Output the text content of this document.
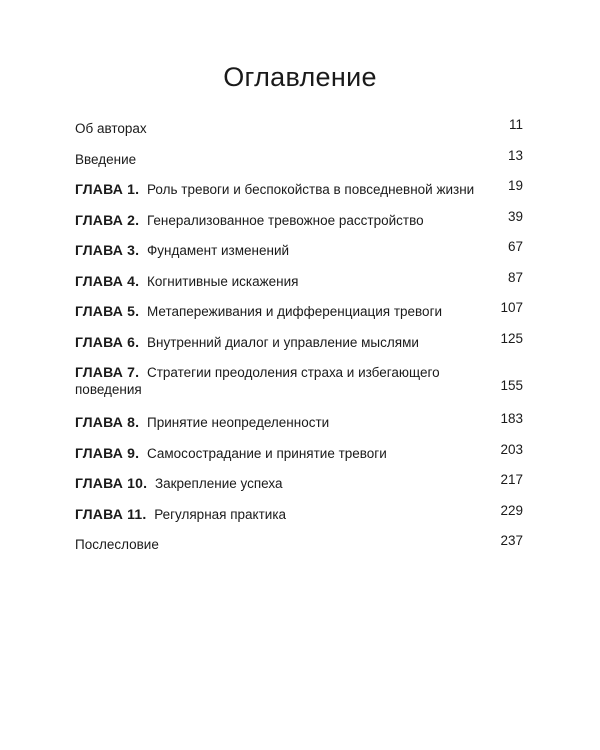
Оглавление
Об авторах	11
Введение	13
ГЛАВА 1. Роль тревоги и беспокойства в повседневной жизни	19
ГЛАВА 2. Генерализованное тревожное расстройство	39
ГЛАВА 3. Фундамент изменений	67
ГЛАВА 4. Когнитивные искажения	87
ГЛАВА 5. Метапереживания и дифференциация тревоги	107
ГЛАВА 6. Внутренний диалог и управление мыслями	125
ГЛАВА 7. Стратегии преодоления страха и избегающего поведения	155
ГЛАВА 8. Принятие неопределенности	183
ГЛАВА 9. Самосострадание и принятие тревоги	203
ГЛАВА 10. Закрепление успеха	217
ГЛАВА 11. Регулярная практика	229
Послесловие	237
